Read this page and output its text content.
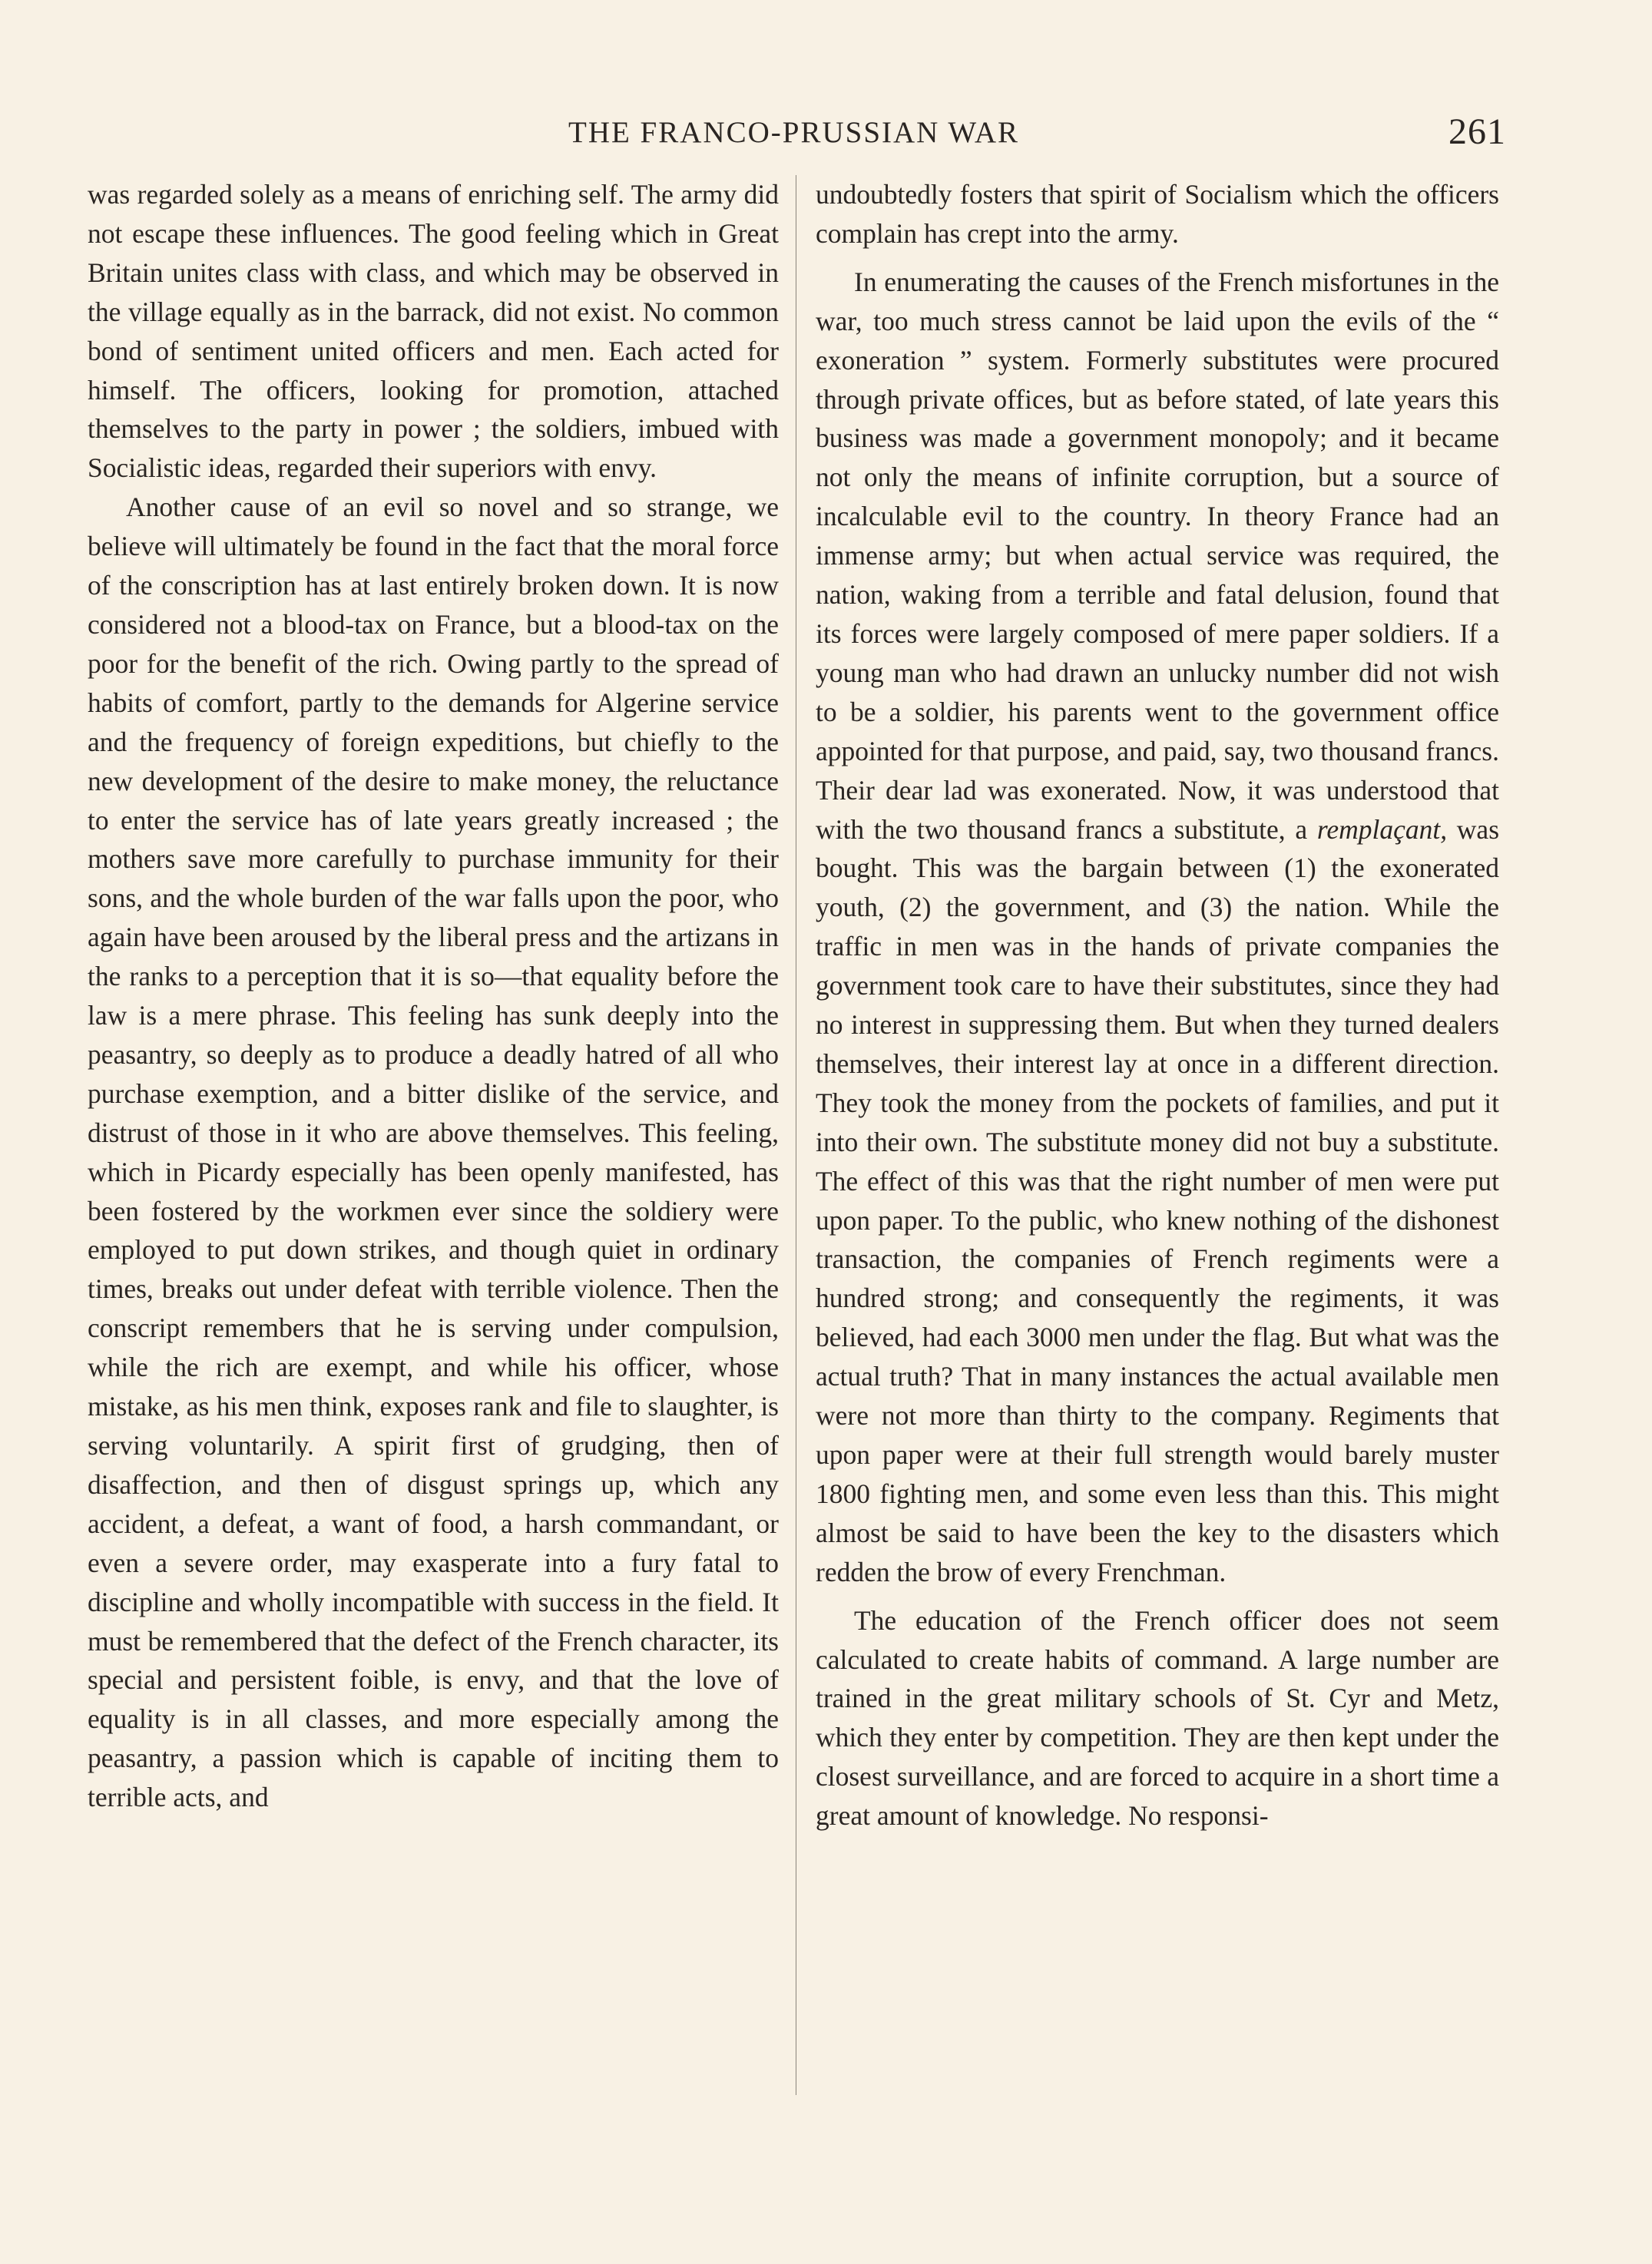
THE FRANCO-PRUSSIAN WAR	261

was regarded solely as a means of enriching self. The army did not escape these influences. The good feeling which in Great Britain unites class with class, and which may be observed in the village equally as in the barrack, did not exist. No common bond of sentiment united officers and men. Each acted for himself. The officers, looking for promotion, attached themselves to the party in power ; the soldiers, imbued with Socialistic ideas, regarded their superiors with envy.

Another cause of an evil so novel and so strange, we believe will ultimately be found in the fact that the moral force of the conscription has at last entirely broken down. It is now considered not a blood-tax on France, but a blood-tax on the poor for the benefit of the rich. Owing partly to the spread of habits of comfort, partly to the demands for Algerine service and the frequency of foreign expeditions, but chiefly to the new development of the desire to make money, the reluctance to enter the service has of late years greatly increased ; the mothers save more carefully to purchase immunity for their sons, and the whole burden of the war falls upon the poor, who again have been aroused by the liberal press and the artizans in the ranks to a perception that it is so—that equality before the law is a mere phrase. This feeling has sunk deeply into the peasantry, so deeply as to produce a deadly hatred of all who purchase exemption, and a bitter dislike of the service, and distrust of those in it who are above themselves. This feeling, which in Picardy especially has been openly manifested, has been fostered by the workmen ever since the soldiery were employed to put down strikes, and though quiet in ordinary times, breaks out under defeat with terrible violence. Then the conscript remembers that he is serving under compulsion, while the rich are exempt, and while his officer, whose mistake, as his men think, exposes rank and file to slaughter, is serving voluntarily. A spirit first of grudging, then of disaffection, and then of disgust springs up, which any accident, a defeat, a want of food, a harsh commandant, or even a severe order, may exasperate into a fury fatal to discipline and wholly incompatible with success in the field. It must be remembered that the defect of the French character, its special and persistent foible, is envy, and that the love of equality is in all classes, and more especially among the peasantry, a passion which is capable of inciting them to terrible acts, and

undoubtedly fosters that spirit of Socialism which the officers complain has crept into the army.

In enumerating the causes of the French misfortunes in the war, too much stress cannot be laid upon the evils of the “ exoneration ” system. Formerly substitutes were procured through private offices, but as before stated, of late years this business was made a government monopoly; and it became not only the means of infinite corruption, but a source of incalculable evil to the country. In theory France had an immense army; but when actual service was required, the nation, waking from a terrible and fatal delusion, found that its forces were largely composed of mere paper soldiers. If a young man who had drawn an unlucky number did not wish to be a soldier, his parents went to the government office appointed for that purpose, and paid, say, two thousand francs. Their dear lad was exonerated. Now, it was understood that with the two thousand francs a substitute, a remplaçant, was bought. This was the bargain between (1) the exonerated youth, (2) the government, and (3) the nation. While the traffic in men was in the hands of private companies the government took care to have their substitutes, since they had no interest in suppressing them. But when they turned dealers themselves, their interest lay at once in a different direction. They took the money from the pockets of families, and put it into their own. The substitute money did not buy a substitute. The effect of this was that the right number of men were put upon paper. To the public, who knew nothing of the dishonest transaction, the companies of French regiments were a hundred strong; and consequently the regiments, it was believed, had each 3000 men under the flag. But what was the actual truth? That in many instances the actual available men were not more than thirty to the company. Regiments that upon paper were at their full strength would barely muster 1800 fighting men, and some even less than this. This might almost be said to have been the key to the disasters which redden the brow of every Frenchman.

The education of the French officer does not seem calculated to create habits of command. A large number are trained in the great military schools of St. Cyr and Metz, which they enter by competition. They are then kept under the closest surveillance, and are forced to acquire in a short time a great amount of knowledge. No responsi-
